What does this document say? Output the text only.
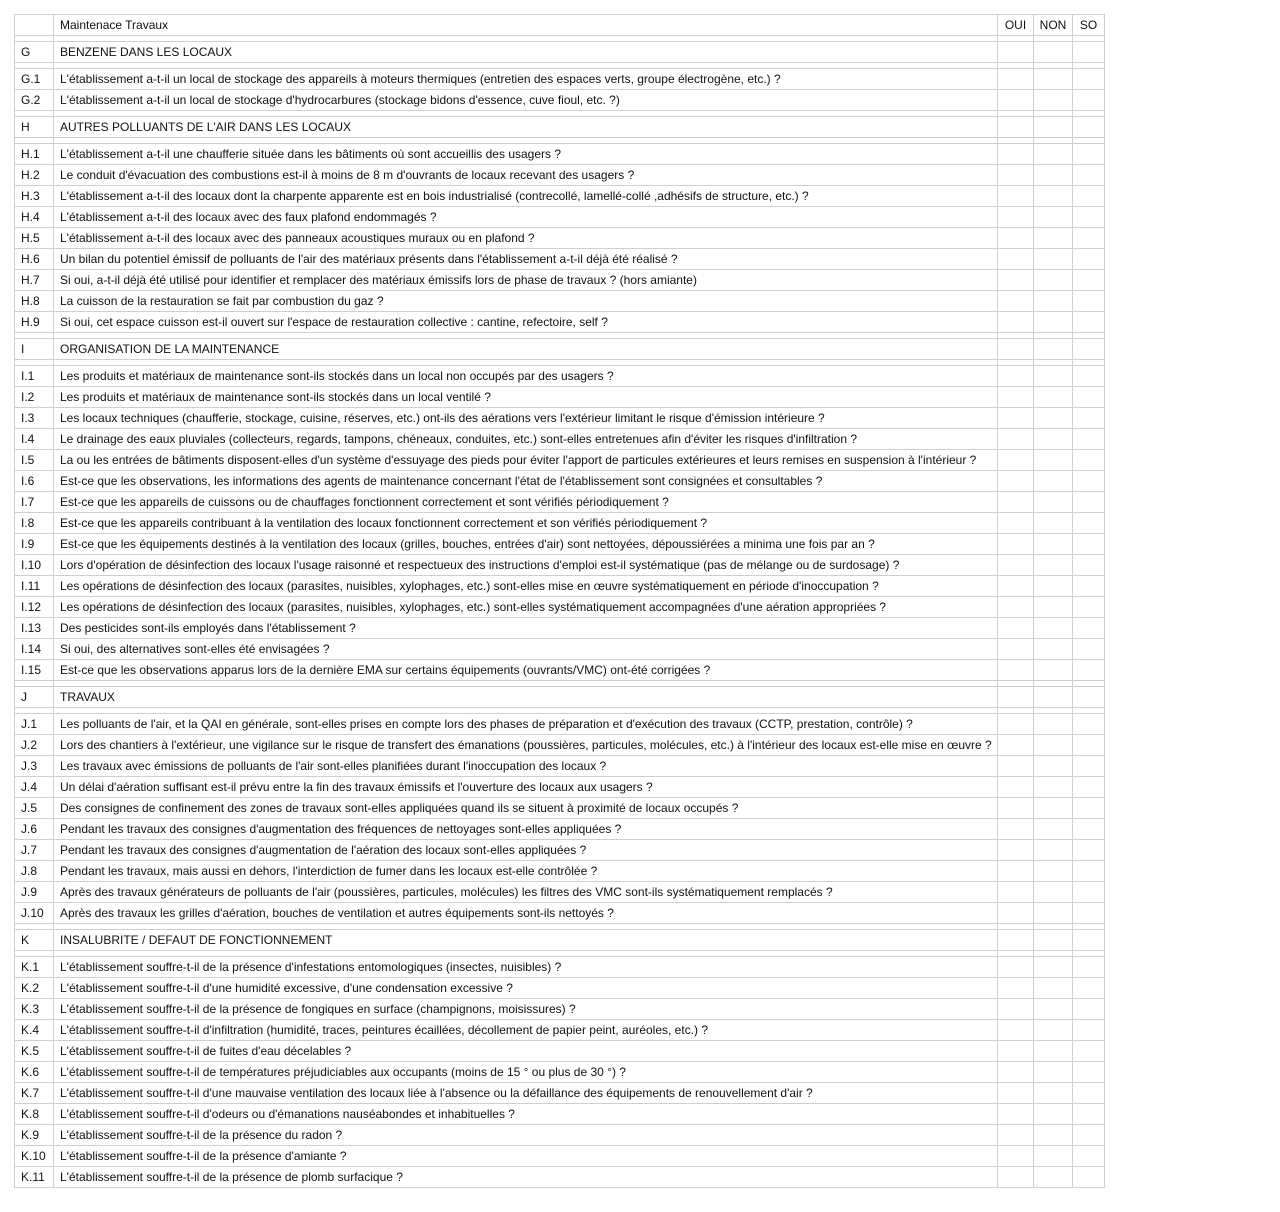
	Maintenace Travaux	OUI	NON	SO

G	BENZENE DANS LES LOCAUX			

G.1	L'établissement a-t-il un local de stockage des appareils à moteurs thermiques (entretien des espaces verts, groupe électrogène, etc.) ?			
G.2	L'établissement a-t-il un local de stockage d'hydrocarbures (stockage bidons d'essence, cuve fioul, etc. ?)			

H	AUTRES POLLUANTS DE L'AIR DANS LES LOCAUX			

H.1	L'établissement a-t-il une chaufferie située dans les bâtiments où sont accueillis des usagers ?			
H.2	Le conduit d'évacuation des combustions est-il à moins de 8 m d'ouvrants de locaux recevant des usagers ?			
H.3	L'établissement a-t-il des locaux dont la charpente apparente est en bois industrialisé (contrecollé, lamellé-collé ,adhésifs de structure, etc.) ?			
H.4	L'établissement a-t-il des locaux avec des faux plafond endommagés ?			
H.5	L'établissement a-t-il des locaux avec des panneaux acoustiques muraux ou en plafond ?			
H.6	Un bilan du potentiel émissif de polluants de l'air des matériaux présents dans l'établissement a-t-il déjà été réalisé ?			
H.7	Si oui, a-t-il déjà été utilisé pour identifier et remplacer des matériaux émissifs lors de phase de travaux ? (hors amiante)			
H.8	La cuisson de la restauration se fait par combustion du gaz ?			
H.9	Si oui, cet espace cuisson est-il ouvert sur l'espace de restauration collective : cantine, refectoire, self ?			

I	ORGANISATION DE LA MAINTENANCE			

I.1	Les produits et matériaux de maintenance sont-ils stockés dans un local non occupés par des usagers ?			
I.2	Les produits et matériaux de maintenance sont-ils stockés dans un local ventilé ?			
I.3	Les locaux techniques (chaufferie, stockage, cuisine, réserves, etc.) ont-ils des aérations vers l'extérieur limitant le risque d'émission intérieure ?			
I.4	Le drainage des eaux pluviales (collecteurs, regards, tampons, chéneaux, conduites, etc.) sont-elles entretenues afin d'éviter les risques d'infiltration ?			
I.5	La ou les entrées de bâtiments disposent-elles d'un système d'essuyage des pieds pour éviter l'apport de particules extérieures et leurs remises en suspension à l'intérieur ?			
I.6	Est-ce que les observations, les informations des agents de maintenance concernant l'état de l'établissement sont consignées et consultables ?			
I.7	Est-ce que les appareils de cuissons ou de chauffages fonctionnent correctement et sont vérifiés périodiquement ?			
I.8	Est-ce que les appareils contribuant à la ventilation des locaux fonctionnent correctement et son vérifiés périodiquement ?			
I.9	Est-ce que les équipements destinés à la ventilation des locaux (grilles, bouches, entrées d'air) sont nettoyées, dépoussiérées a minima une fois par an ?			
I.10	Lors d'opération de désinfection des locaux l'usage raisonné et respectueux des instructions d'emploi est-il systématique (pas de mélange ou de surdosage) ?			
I.11	Les opérations de désinfection des locaux (parasites, nuisibles, xylophages, etc.) sont-elles mise en œuvre systématiquement en période d'inoccupation ?			
I.12	Les opérations de désinfection des locaux (parasites, nuisibles, xylophages, etc.) sont-elles systématiquement accompagnées d'une aération appropriées ?			
I.13	Des pesticides sont-ils employés dans l'établissement ?			
I.14	Si oui, des alternatives sont-elles été envisagées ?			
I.15	Est-ce que les observations apparus lors de la dernière EMA sur certains équipements (ouvrants/VMC) ont-été corrigées ?			

J	TRAVAUX			

J.1	Les polluants de l'air, et la QAI en générale, sont-elles prises en compte lors des phases de préparation et d'exécution des travaux (CCTP, prestation, contrôle) ?			
J.2	Lors des chantiers à l'extérieur, une vigilance sur le risque de transfert des émanations (poussières, particules, molécules, etc.) à l'intérieur des locaux est-elle mise en œuvre ?			
J.3	Les travaux avec émissions de polluants de l'air sont-elles planifiées durant l'inoccupation des locaux ?			
J.4	Un délai d'aération suffisant est-il prévu entre la fin des travaux émissifs et l'ouverture des locaux aux usagers ?			
J.5	Des consignes de confinement des zones de travaux sont-elles appliquées quand ils se situent à proximité de locaux occupés ?			
J.6	Pendant les travaux des consignes d'augmentation des fréquences de nettoyages sont-elles appliquées ?			
J.7	Pendant les travaux des consignes d'augmentation de l'aération des locaux sont-elles appliquées ?			
J.8	Pendant les travaux, mais aussi en dehors, l'interdiction de fumer dans les locaux est-elle contrôlée ?			
J.9	Après des travaux générateurs de polluants de l'air (poussières, particules, molécules) les filtres des VMC sont-ils systématiquement remplacés ?			
J.10	Après des travaux les grilles d'aération, bouches de ventilation et autres équipements sont-ils nettoyés ?			

K	INSALUBRITE / DEFAUT DE FONCTIONNEMENT			

K.1	L'établissement souffre-t-il de la présence d'infestations entomologiques (insectes, nuisibles) ?			
K.2	L'établissement souffre-t-il d'une humidité excessive, d'une condensation excessive ?			
K.3	L'établissement souffre-t-il de la présence de fongiques en surface (champignons, moisissures) ?			
K.4	L'établissement souffre-t-il d'infiltration (humidité, traces, peintures écaillées, décollement de papier peint, auréoles, etc.) ?			
K.5	L'établissement souffre-t-il de fuites d'eau décelables ?			
K.6	L'établissement souffre-t-il de températures préjudiciables aux occupants (moins de 15 ° ou plus de 30 °) ?			
K.7	L'établissement souffre-t-il d'une mauvaise ventilation des locaux liée à l'absence ou la défaillance des équipements de renouvellement d'air ?			
K.8	L'établissement souffre-t-il d'odeurs ou d'émanations nauséabondes et inhabituelles ?			
K.9	L'établissement souffre-t-il de la présence du radon ?			
K.10	L'établissement souffre-t-il de la présence d'amiante ?			
K.11	L'établissement souffre-t-il de la présence de plomb surfacique ?			
